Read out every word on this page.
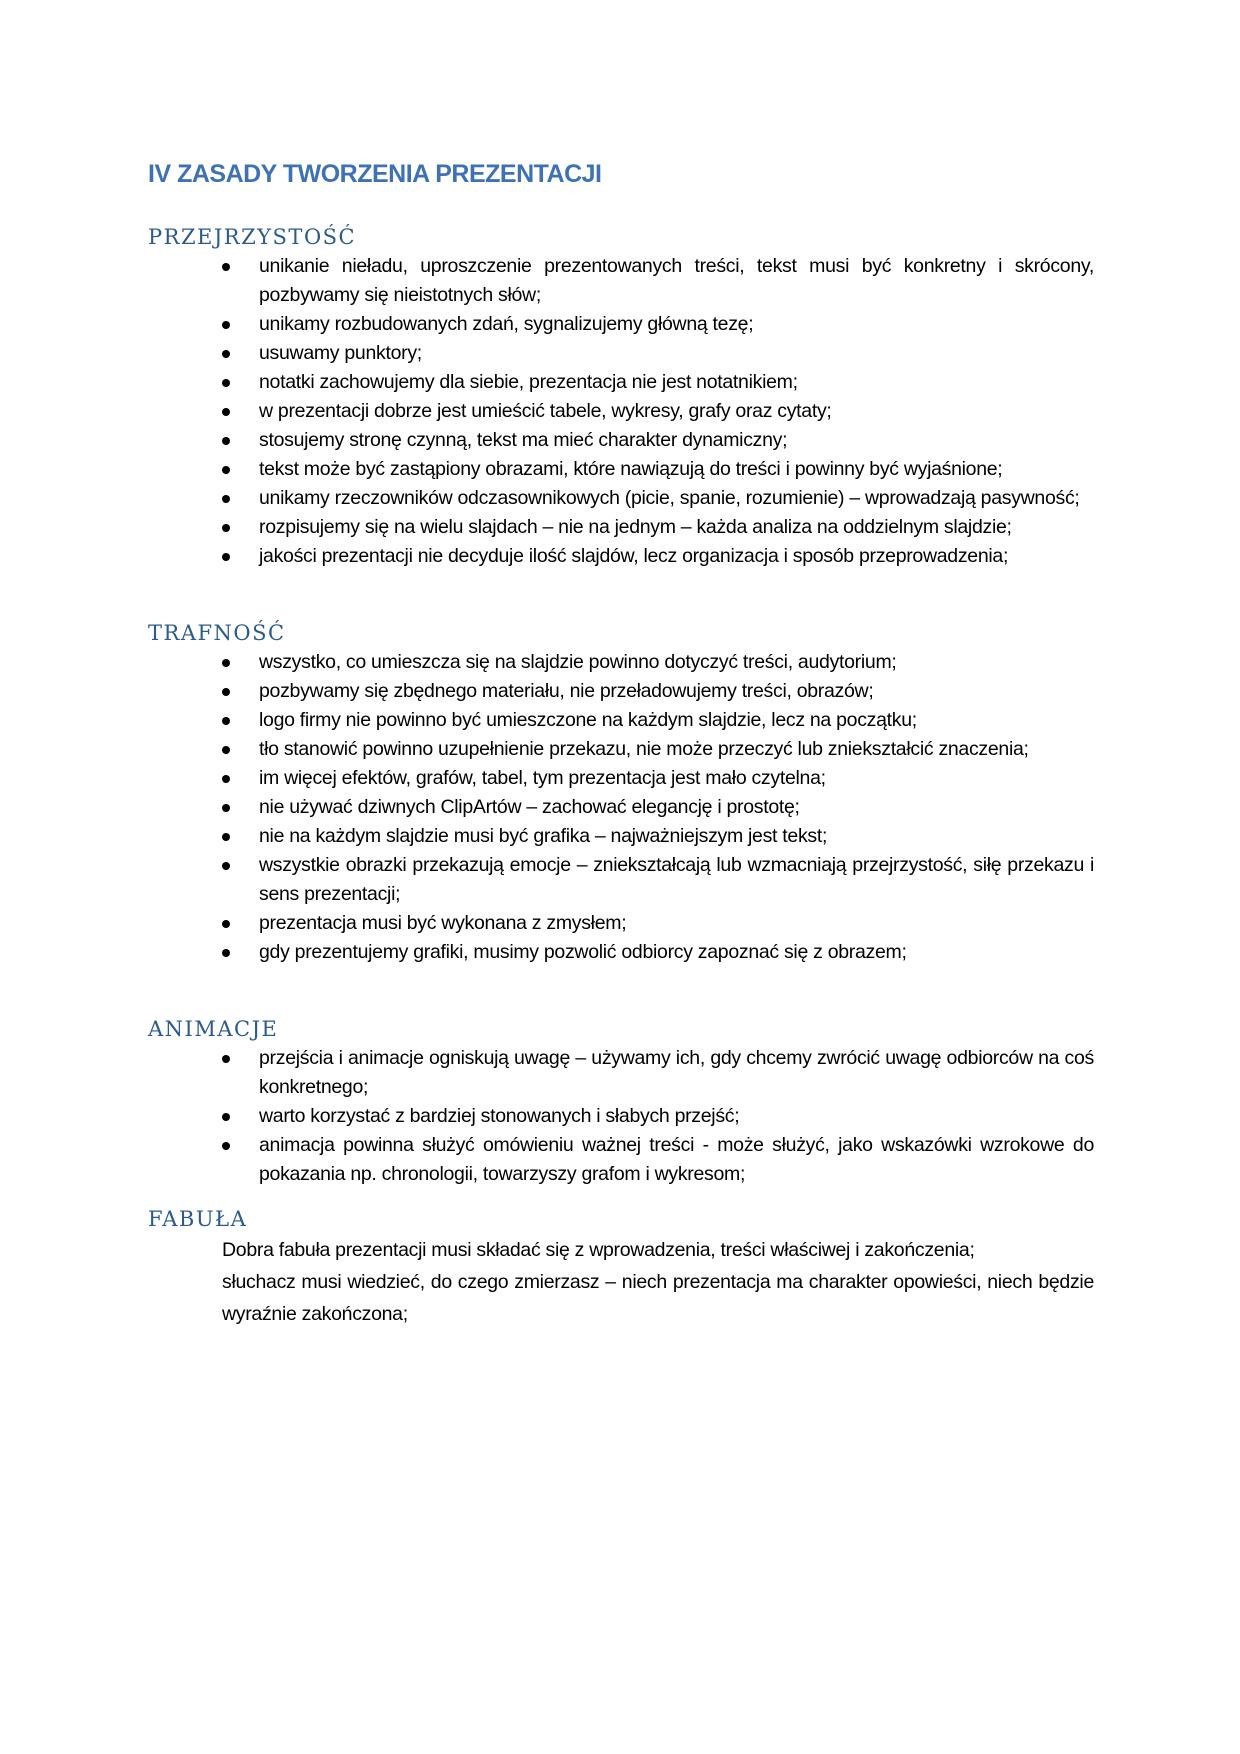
IV ZASADY TWORZENIA PREZENTACJI
PRZEJRZYSTOŚĆ
unikanie nieładu, uproszczenie prezentowanych treści, tekst musi być konkretny i skrócony, pozbywamy się nieistotnych słów;
unikamy rozbudowanych zdań, sygnalizujemy główną tezę;
usuwamy punktory;
notatki zachowujemy dla siebie, prezentacja nie jest notatnikiem;
w prezentacji dobrze jest umieścić tabele, wykresy, grafy oraz cytaty;
stosujemy stronę czynną, tekst ma mieć charakter dynamiczny;
tekst może być zastąpiony obrazami, które nawiązują do treści i powinny być wyjaśnione;
unikamy rzeczowników odczasownikowych (picie, spanie, rozumienie) – wprowadzają pasywność;
rozpisujemy się na wielu slajdach – nie na jednym – każda analiza na oddzielnym slajdzie;
jakości prezentacji nie decyduje ilość slajdów, lecz organizacja i sposób przeprowadzenia;
TRAFNOŚĆ
wszystko, co umieszcza się na slajdzie powinno dotyczyć treści, audytorium;
pozbywamy się zbędnego materiału, nie przeładowujemy treści, obrazów;
logo firmy nie powinno być umieszczone na każdym slajdzie, lecz na początku;
tło stanowić powinno uzupełnienie przekazu, nie może przeczyć lub zniekształcić znaczenia;
im więcej efektów, grafów, tabel, tym prezentacja jest mało czytelna;
nie używać dziwnych ClipArtów – zachować elegancję i prostotę;
nie na każdym slajdzie musi być grafika – najważniejszym jest tekst;
wszystkie obrazki przekazują emocje – zniekształcają lub wzmacniają przejrzystość, siłę przekazu i sens prezentacji;
prezentacja musi być wykonana z zmysłem;
gdy prezentujemy grafiki, musimy pozwolić odbiorcy zapoznać się z obrazem;
ANIMACJE
przejścia i animacje ogniskują uwagę – używamy ich, gdy chcemy zwrócić uwagę odbiorców na coś konkretnego;
warto korzystać z bardziej stonowanych i słabych przejść;
animacja powinna służyć omówieniu ważnej treści - może służyć, jako wskazówki wzrokowe do pokazania np. chronologii, towarzyszy grafom i wykresom;
FABUŁA

Dobra fabuła prezentacji musi składać się z wprowadzenia, treści właściwej i zakończenia;

słuchacz musi wiedzieć, do czego zmierzasz – niech prezentacja ma charakter opowieści, niech będzie wyraźnie zakończona;
